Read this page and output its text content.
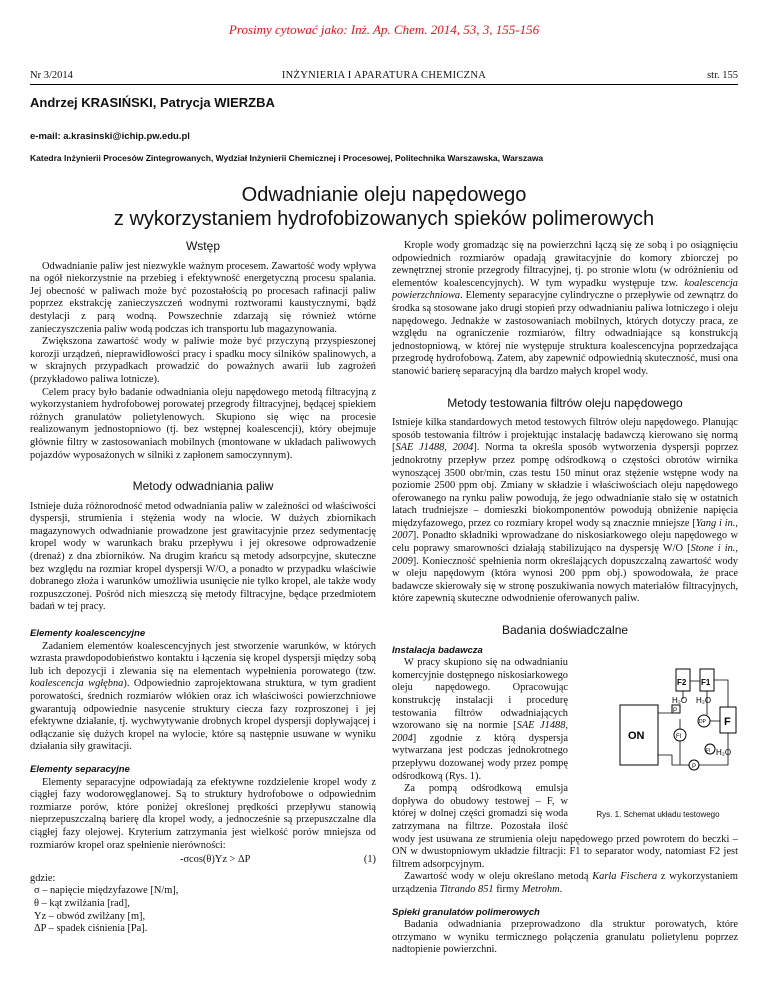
Prosimy cytować jako: Inż. Ap. Chem. 2014, 53, 3, 155-156
Nr 3/2014	INŻYNIERIA I APARATURA CHEMICZNA	str. 155
Andrzej KRASIŃSKI, Patrycja WIERZBA
e-mail: a.krasinski@ichip.pw.edu.pl
Katedra Inżynierii Procesów Zintegrowanych, Wydział Inżynierii Chemicznej i Procesowej, Politechnika Warszawska, Warszawa
Odwadnianie oleju napędowego
z wykorzystaniem hydrofobizowanych spieków polimerowych
Wstęp

Odwadnianie paliw jest niezwykle ważnym procesem. Zawartość wody wpływa na ogół niekorzystnie na przebieg i efektywność energetyczną procesu spalania. Jej obecność w paliwach może być pozostałością po procesach rafinacji paliw poprzez ekstrakcję zanieczyszczeń wodnymi roztworami kaustycznymi, bądź destylacji z parą wodną. Powszechnie zdarzają się również wtórne zanieczyszczenia paliw wodą podczas ich transportu lub magazynowania.

Zwiększona zawartość wody w paliwie może być przyczyną przyspieszonej korozji urządzeń, nieprawidłowości pracy i spadku mocy silników spalinowych, a w skrajnych przypadkach prowadzić do poważnych awarii lub zagrożeń (przykładowo paliwa lotnicze).

Celem pracy było badanie odwadniania oleju napędowego metodą filtracyjną z wykorzystaniem hydrofobowej porowatej przegrody filtracyjnej, będącej spiekiem różnych granulatów polietylenowych. Skupiono się więc na procesie realizowanym jednostopniowo (tj. bez wstępnej koalescencji), który obejmuje głównie filtry w zastosowaniach mobilnych (montowane w układach paliwowych pojazdów wyposażonych w silniki z zapłonem samoczynnym).

Metody odwadniania paliw

Istnieje duża różnorodność metod odwadniania paliw w zależności od właściwości dyspersji, strumienia i stężenia wody na wlocie. W dużych zbiornikach magazynowych odwadnianie prowadzone jest grawitacyjnie przez sedymentację kropel wody w warunkach braku przepływu i jej okresowe odprowadzenie (drenaż) z dna zbiorników. Na drugim krańcu są metody adsorpcyjne, skuteczne bez względu na rozmiar kropel dyspersji W/O, a ponadto w przypadku właściwie dobranego złoża i warunków umożliwia usunięcie nie tylko kropel, ale także wody rozpuszczonej. Pośród nich mieszczą się metody filtracyjne, będące przedmiotem badań w tej pracy.

Elementy koalescencyjne

Zadaniem elementów koalescencyjnych jest stworzenie warunków, w których wzrasta prawdopodobieństwo kontaktu i łączenia się kropel dyspersji między sobą lub ich depozycji i zlewania się na elementach wypełnienia porowatego (tzw. koalescencja wgłębna). Odpowiednio zaprojektowana struktura, w tym gradient porowatości, średnich rozmiarów włókien oraz ich właściwości powierzchniowe gwarantują odpowiednie nasycenie struktury ciecza fazy rozproszonej i jej efektywne działanie, tj. wychwytywanie drobnych kropel dyspersji dopływającej i odłączanie się dużych kropel na wylocie, które są następnie usuwane w wyniku działania siły grawitacji.

Elementy separacyjne

Elementy separacyjne odpowiadają za efektywne rozdzielenie kropel wody z ciągłej fazy wodorowęglanowej. Są to struktury hydrofobowe o odpowiednim rozmiarze porów, które poniżej określonej prędkości przepływu stanowią nieprzepuszczalną barierę dla kropel wody, a jednocześnie są przepuszczalne dla ciągłej fazy olejowej. Kryterium zatrzymania jest wielkość porów mniejsza od rozmiarów kropel oraz spełnienie nierówności:

-σcos(θ)Yz > ΔP	(1)
gdzie:
σ – napięcie międzyfazowe [N/m],
θ – kąt zwilżania [rad],
Yz – obwód zwilżany [m],
ΔP – spadek ciśnienia [Pa].

Krople wody gromadząc się na powierzchni łączą się ze sobą i po osiągnięciu odpowiednich rozmiarów opadają grawitacyjnie do komory zbiorczej po zewnętrznej stronie przegrody filtracyjnej, tj. po stronie wlotu (w odróżnieniu od elementów koalescencyjnych). W tym wypadku występuje tzw. koalescencja powierzchniowa. Elementy separacyjne cylindryczne o przepływie od zewnątrz do środka są stosowane jako drugi stopień przy odwadnianiu paliwa lotniczego i oleju napędowego. Jednakże w zastosowaniach mobilnych, których dotyczy praca, ze względu na ograniczenie rozmiarów, filtry odwadniające są konstrukcją jednostopniową, w której nie występuje struktura koalescencyjna poprzedzająca przegrodę hydrofobową. Zatem, aby zapewnić odpowiednią skuteczność, musi ona stanowić barierę separacyjną dla bardzo małych kropel wody.

Metody testowania filtrów oleju napędowego

Istnieje kilka standardowych metod testowych filtrów oleju napędowego. Planując sposób testowania filtrów i projektując instalację badawczą kierowano się normą [SAE J1488, 2004]. Norma ta określa sposób wytworzenia dyspersji poprzez jednokrotny przepływ przez pompę odśrodkową o częstości obrotów wirnika wynoszącej 3500 obr/min, czas testu 150 minut oraz stężenie wstępne wody na poziomie 2500 ppm obj. Zmiany w składzie i właściwościach oleju napędowego oferowanego na rynku paliw powodują, że jego odwadnianie stało się w ostatnich latach trudniejsze – domieszki biokomponentów powodują obniżenie napięcia międzyfazowego, przez co rozmiary kropel wody są znacznie mniejsze [Yang i in., 2007]. Ponadto składniki wprowadzane do niskosiarkowego oleju napędowego w celu poprawy smarowności działają stabilizująco na dyspersję W/O [Stone i in., 2009]. Konieczność spełnienia norm określających dopuszczalną zawartość wody w oleju napędowym (która wynosi 200 ppm obj.) spowodowała, że prace badawcze skierowały się w stronę poszukiwania nowych materiałów filtracyjnych, które zapewnią skuteczne odwodnienie oferowanych paliw.

Badania doświadczalne
Instalacja badawcza
ON
F2 F1
F
H₂O
P
H₂O
DP
FI
FI H₂O
P
Rys. 1. Schemat układu testowego

W pracy skupiono się na odwadnianiu komercyjnie dostępnego niskosiarkowego oleju napędowego. Opracowując konstrukcję instalacji i procedurę testowania filtrów odwadniających wzorowano się na normie [SAE J1488, 2004] zgodnie z którą dyspersja wytwarzana jest podczas jednokrotnego przepływu dozowanej wody przez pompę odśrodkową (Rys. 1).

Za pompą odśrodkową emulsja dopływa do obudowy testowej – F, w której w dolnej części gromadzi się woda zatrzymana na filtrze. Pozostała ilość wody jest usuwana ze strumienia oleju napędowego przed powrotem do beczki – ON w dwustopniowym układzie filtracji: F1 to separator wody, natomiast F2 jest filtrem adsorpcyjnym.

Zawartość wody w oleju określano metodą Karla Fischera z wykorzystaniem urządzenia Titrando 851 firmy Metrohm.

Spieki granulatów polimerowych

Badania odwadniania przeprowadzono dla struktur porowatych, które otrzymano w wyniku termicznego połączenia granulatu polietylenu poprzez nadtopienie powierzchni.
